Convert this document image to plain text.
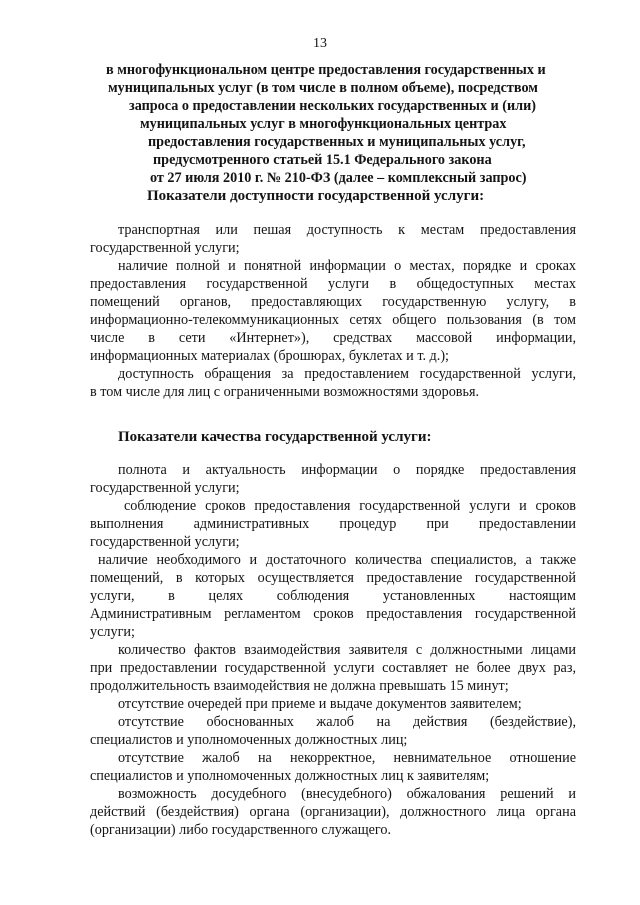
13
в многофункциональном центре предоставления государственных и
муниципальных услуг (в том числе в полном объеме), посредством
запроса о предоставлении нескольких государственных и (или)
муниципальных услуг в многофункциональных центрах
предоставления государственных и муниципальных услуг,
предусмотренного статьей 15.1 Федерального закона
от 27 июля 2010 г. № 210-ФЗ (далее – комплексный запрос)
Показатели доступности государственной услуги:
транспортная или пешая доступность к местам предоставления
государственной услуги;
наличие полной и понятной информации о местах, порядке и сроках
предоставления государственной услуги в общедоступных местах
помещений органов, предоставляющих государственную услугу, в
информационно-телекоммуникационных сетях общего пользования (в том
числе в сети «Интернет»), средствах массовой информации,
информационных материалах (брошюрах, буклетах и т. д.);
доступность обращения за предоставлением государственной услуги,
в том числе для лиц с ограниченными возможностями здоровья.
Показатели качества государственной услуги:
полнота и актуальность информации о порядке предоставления
государственной услуги;
соблюдение сроков предоставления государственной услуги и сроков
выполнения административных процедур при предоставлении
государственной услуги;
наличие необходимого и достаточного количества специалистов, а также
помещений, в которых осуществляется предоставление государственной
услуги, в целях соблюдения установленных настоящим
Административным регламентом сроков предоставления государственной
услуги;
количество фактов взаимодействия заявителя с должностными лицами
при предоставлении государственной услуги составляет не более двух раз,
продолжительность взаимодействия не должна превышать 15 минут;
отсутствие очередей при приеме и выдаче документов заявителем;
отсутствие обоснованных жалоб на действия (бездействие),
специалистов и уполномоченных должностных лиц;
отсутствие жалоб на некорректное, невнимательное отношение
специалистов и уполномоченных должностных лиц к заявителям;
возможность досудебного (внесудебного) обжалования решений и
действий (бездействия) органа (организации), должностного лица органа
(организации) либо государственного служащего.
